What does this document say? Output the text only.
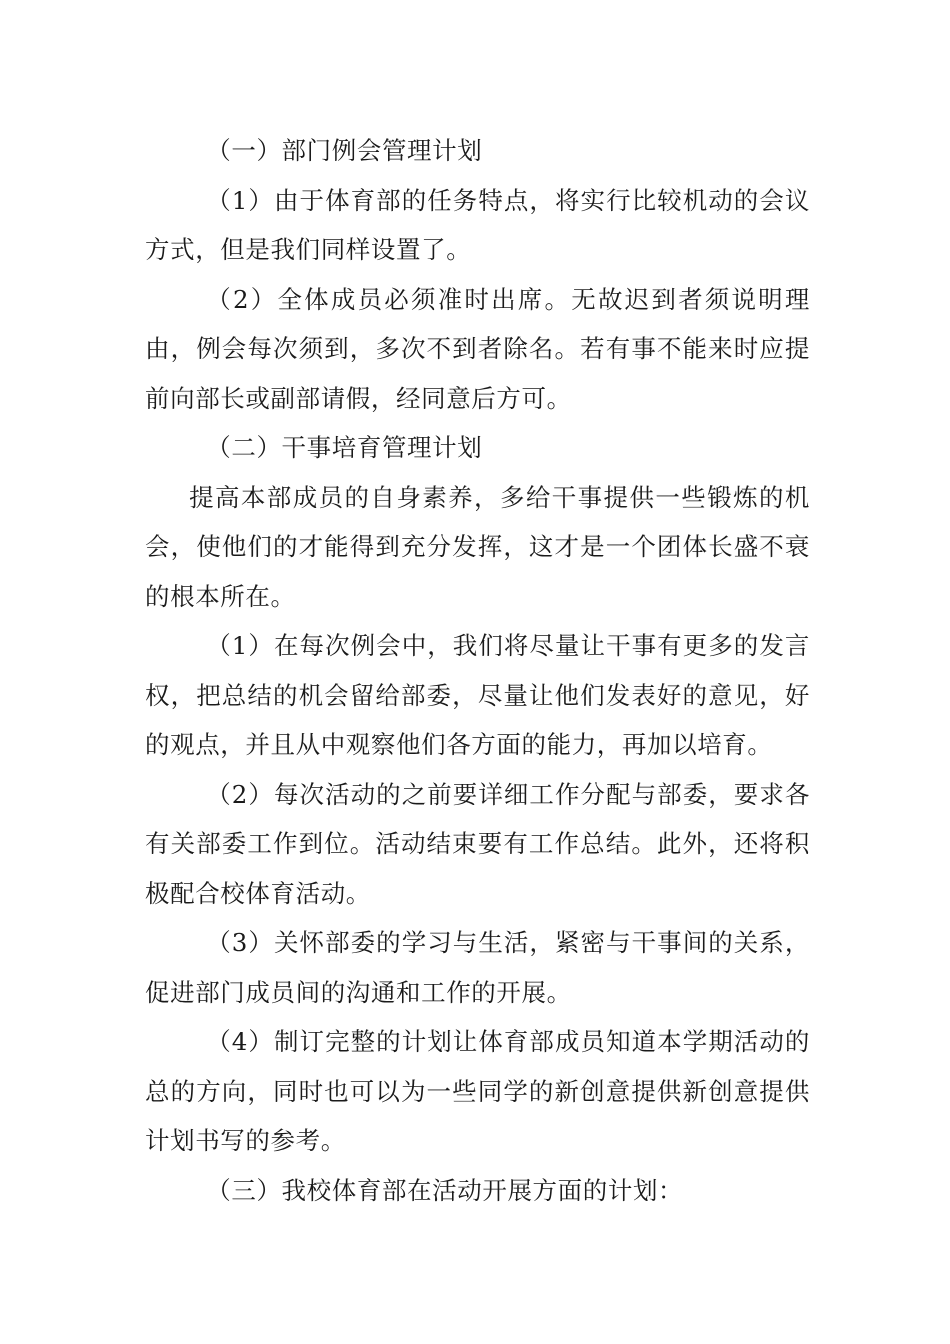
（一）部门例会管理计划

（1）由于体育部的任务特点，将实行比较机动的会议方式，但是我们同样设置了。

（2）全体成员必须准时出席。无故迟到者须说明理由，例会每次须到，多次不到者除名。若有事不能来时应提前向部长或副部请假，经同意后方可。

（二）干事培育管理计划

提高本部成员的自身素养，多给干事提供一些锻炼的机会，使他们的才能得到充分发挥，这才是一个团体长盛不衰的根本所在。

（1）在每次例会中，我们将尽量让干事有更多的发言权，把总结的机会留给部委，尽量让他们发表好的意见，好的观点，并且从中观察他们各方面的能力，再加以培育。

（2）每次活动的之前要详细工作分配与部委，要求各有关部委工作到位。活动结束要有工作总结。此外，还将积极配合校体育活动。

（3）关怀部委的学习与生活，紧密与干事间的关系，促进部门成员间的沟通和工作的开展。

（4）制订完整的计划让体育部成员知道本学期活动的总的方向，同时也可以为一些同学的新创意提供新创意提供计划书写的参考。

（三）我校体育部在活动开展方面的计划：
